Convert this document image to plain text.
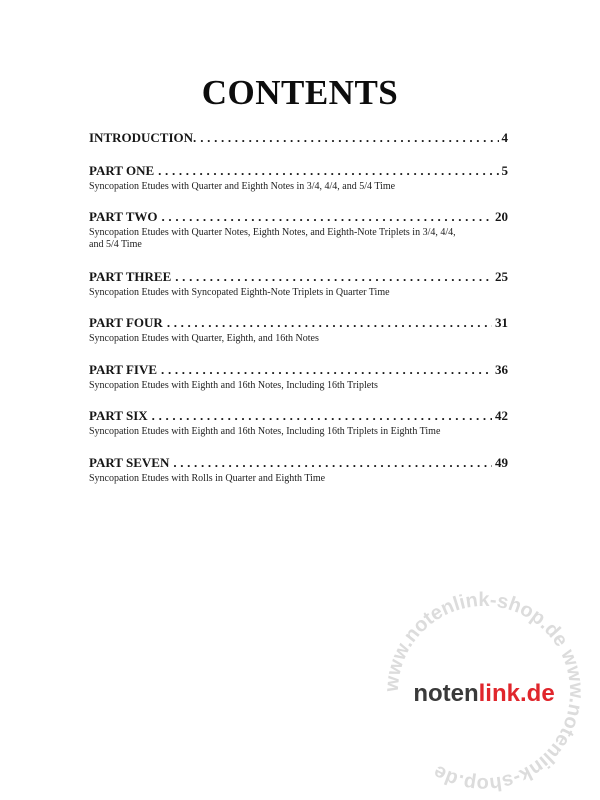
CONTENTS
INTRODUCTION. . . .	4
PART ONE . . .	5
Syncopation Etudes with Quarter and Eighth Notes in 3/4, 4/4, and 5/4 Time
PART TWO . . .	20
Syncopation Etudes with Quarter Notes, Eighth Notes, and Eighth-Note Triplets in 3/4, 4/4, and 5/4 Time
PART THREE . . .	25
Syncopation Etudes with Syncopated Eighth-Note Triplets in Quarter Time
PART FOUR . . .	31
Syncopation Etudes with Quarter, Eighth, and 16th Notes
PART FIVE . . .	36
Syncopation Etudes with Eighth and 16th Notes, Including 16th Triplets
PART SIX . . .	42
Syncopation Etudes with Eighth and 16th Notes, Including 16th Triplets in Eighth Time
PART SEVEN . . .	49
Syncopation Etudes with Rolls in Quarter and Eighth Time
www.notenlink-shop.de www.notenlink-shop.de
notenlink.de
